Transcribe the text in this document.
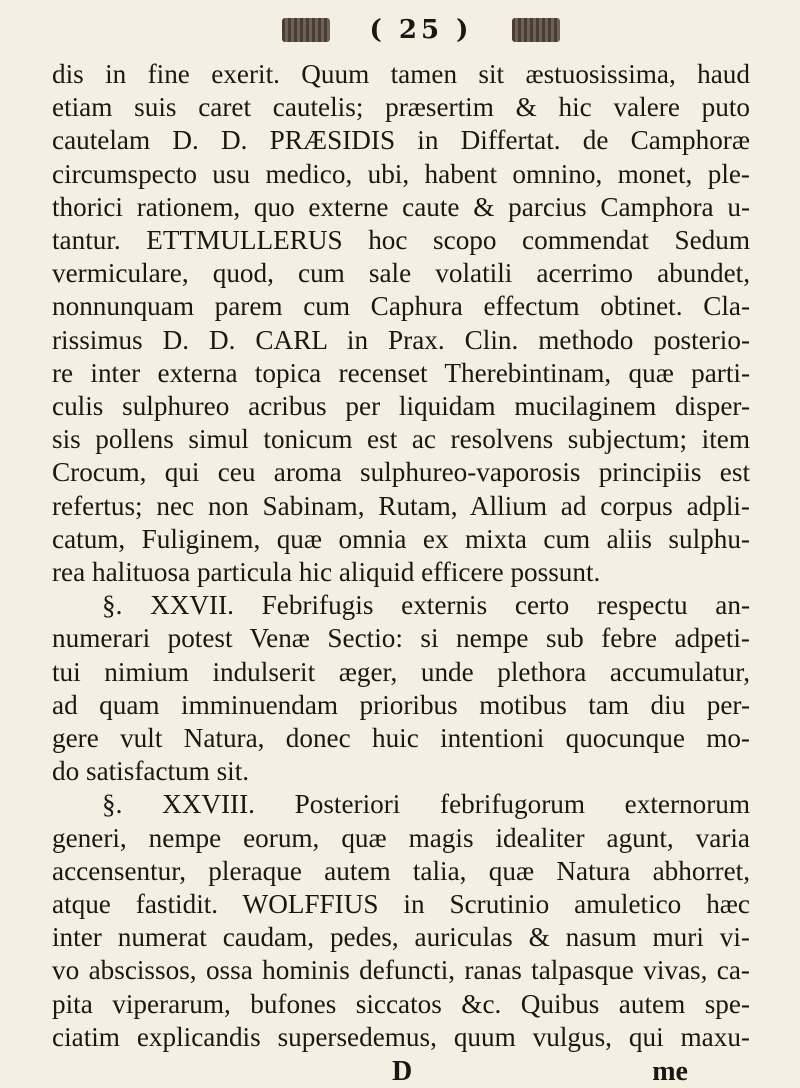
( 25 )
dis in fine exerit. Quum tamen sit æstuosissima, haud
etiam suis caret cautelis; præsertim & hic valere puto
cautelam D. D. PRÆSIDIS in Differtat. de Camphoræ
circumspecto usu medico, ubi, habent omnino, monet, ple-
thorici rationem, quo externe caute & parcius Camphora u-
tantur. ETTMULLERUS hoc scopo commendat Sedum
vermiculare, quod, cum sale volatili acerrimo abundet,
nonnunquam parem cum Caphura effectum obtinet. Cla-
rissimus D. D. CARL in Prax. Clin. methodo posterio-
re inter externa topica recenset Therebintinam, quæ parti-
culis sulphureo acribus per liquidam mucilaginem disper-
sis pollens simul tonicum est ac resolvens subjectum; item
Crocum, qui ceu aroma sulphureo-vaporosis principiis est
refertus; nec non Sabinam, Rutam, Allium ad corpus adpli-
catum, Fuliginem, quæ omnia ex mixta cum aliis sulphu-
rea halituosa particula hic aliquid efficere possunt.
§. XXVII. Febrifugis externis certo respectu an-
numerari potest Venæ Sectio: si nempe sub febre adpeti-
tui nimium indulserit æger, unde plethora accumulatur,
ad quam imminuendam prioribus motibus tam diu per-
gere vult Natura, donec huic intentioni quocunque mo-
do satisfactum sit.
§. XXVIII. Posteriori febrifugorum externorum
generi, nempe eorum, quæ magis idealiter agunt, varia
accensentur, pleraque autem talia, quæ Natura abhorret,
atque fastidit. WOLFFIUS in Scrutinio amuletico hæc
inter numerat caudam, pedes, auriculas & nasum muri vi-
vo abscissos, ossa hominis defuncti, ranas talpasque vivas, ca-
pita viperarum, bufones siccatos &c. Quibus autem spe-
ciatim explicandis supersedemus, quum vulgus, qui maxu-
D	me
